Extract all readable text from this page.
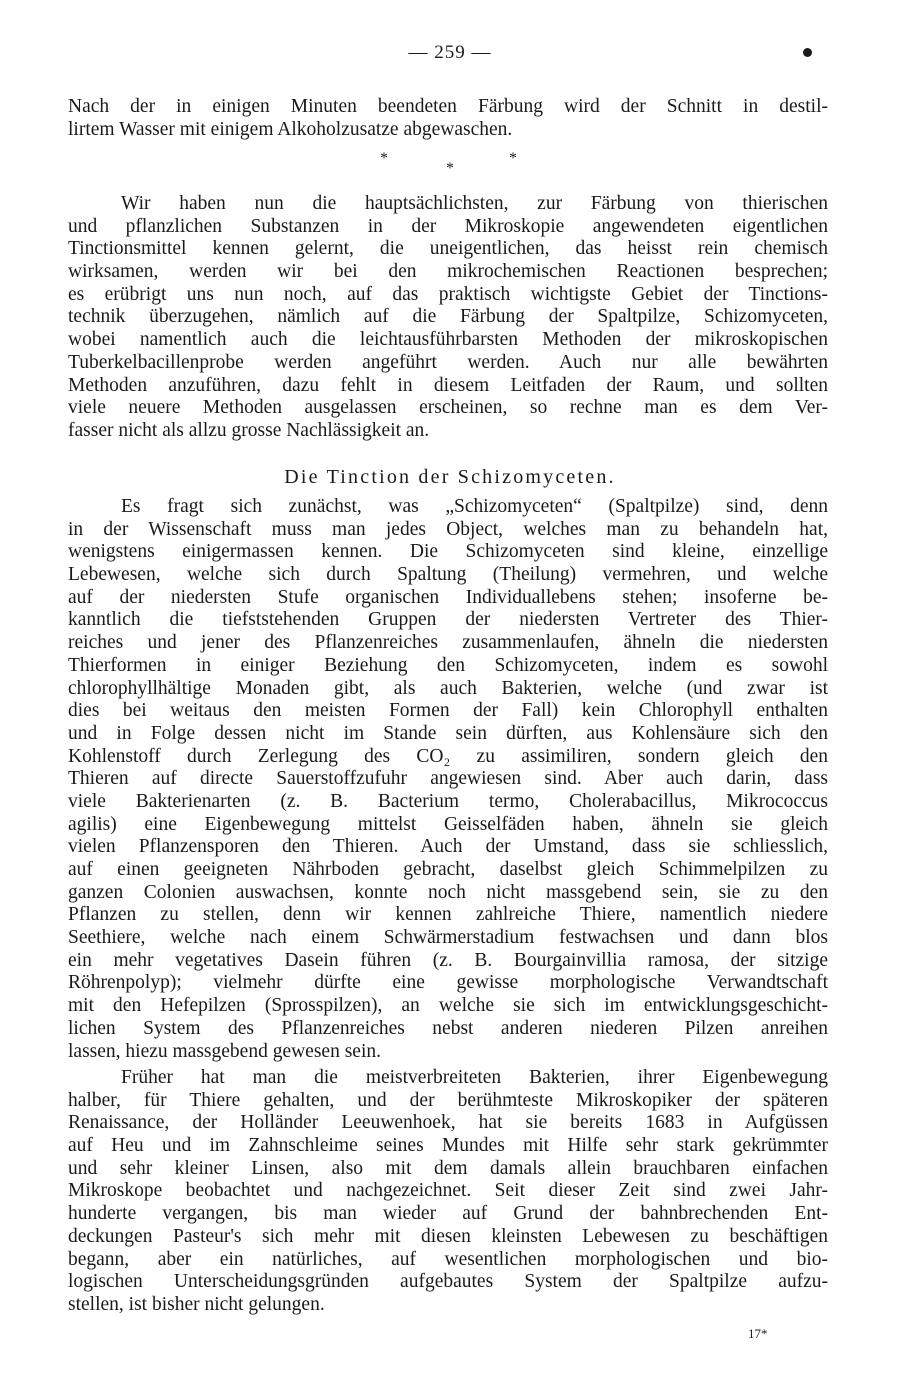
— 259 —
Nach der in einigen Minuten beendeten Färbung wird der Schnitt in destil-
lirtem Wasser mit einigem Alkoholzusatze abgewaschen.
*
*
*
Wir haben nun die hauptsächlichsten, zur Färbung von thierischen
und pflanzlichen Substanzen in der Mikroskopie angewendeten eigentlichen
Tinctionsmittel kennen gelernt, die uneigentlichen, das heisst rein chemisch
wirksamen, werden wir bei den mikrochemischen Reactionen besprechen;
es erübrigt uns nun noch, auf das praktisch wichtigste Gebiet der Tinctions-
technik überzugehen, nämlich auf die Färbung der Spaltpilze, Schizomyceten,
wobei namentlich auch die leichtausführbarsten Methoden der mikroskopischen
Tuberkelbacillenprobe werden angeführt werden. Auch nur alle bewährten
Methoden anzuführen, dazu fehlt in diesem Leitfaden der Raum, und sollten
viele neuere Methoden ausgelassen erscheinen, so rechne man es dem Ver-
fasser nicht als allzu grosse Nachlässigkeit an.
Die Tinction der Schizomyceten.
Es fragt sich zunächst, was „Schizomyceten“ (Spaltpilze) sind, denn
in der Wissenschaft muss man jedes Object, welches man zu behandeln hat,
wenigstens einigermassen kennen. Die Schizomyceten sind kleine, einzellige
Lebewesen, welche sich durch Spaltung (Theilung) vermehren, und welche
auf der niedersten Stufe organischen Individuallebens stehen; insoferne be-
kanntlich die tiefststehenden Gruppen der niedersten Vertreter des Thier-
reiches und jener des Pflanzenreiches zusammenlaufen, ähneln die niedersten
Thierformen in einiger Beziehung den Schizomyceten, indem es sowohl
chlorophyllhältige Monaden gibt, als auch Bakterien, welche (und zwar ist
dies bei weitaus den meisten Formen der Fall) kein Chlorophyll enthalten
und in Folge dessen nicht im Stande sein dürften, aus Kohlensäure sich den
Kohlenstoff durch Zerlegung des CO₂ zu assimiliren, sondern gleich den
Thieren auf directe Sauerstoffzufuhr angewiesen sind. Aber auch darin, dass
viele Bakterienarten (z. B. Bacterium termo, Cholerabacillus, Mikrococcus
agilis) eine Eigenbewegung mittelst Geisselfäden haben, ähneln sie gleich
vielen Pflanzensporen den Thieren. Auch der Umstand, dass sie schliesslich,
auf einen geeigneten Nährboden gebracht, daselbst gleich Schimmelpilzen zu
ganzen Colonien auswachsen, konnte noch nicht massgebend sein, sie zu den
Pflanzen zu stellen, denn wir kennen zahlreiche Thiere, namentlich niedere
Seethiere, welche nach einem Schwärmerstadium festwachsen und dann blos
ein mehr vegetatives Dasein führen (z. B. Bourgainvillia ramosa, der sitzige
Röhrenpolyp); vielmehr dürfte eine gewisse morphologische Verwandtschaft
mit den Hefepilzen (Sprosspilzen), an welche sie sich im entwicklungsgeschicht-
lichen System des Pflanzenreiches nebst anderen niederen Pilzen anreihen
lassen, hiezu massgebend gewesen sein.
Früher hat man die meistverbreiteten Bakterien, ihrer Eigenbewegung
halber, für Thiere gehalten, und der berühmteste Mikroskopiker der späteren
Renaissance, der Holländer Leeuwenhoek, hat sie bereits 1683 in Aufgüssen
auf Heu und im Zahnschleime seines Mundes mit Hilfe sehr stark gekrümmter
und sehr kleiner Linsen, also mit dem damals allein brauchbaren einfachen
Mikroskope beobachtet und nachgezeichnet. Seit dieser Zeit sind zwei Jahr-
hunderte vergangen, bis man wieder auf Grund der bahnbrechenden Ent-
deckungen Pasteur's sich mehr mit diesen kleinsten Lebewesen zu beschäftigen
begann, aber ein natürliches, auf wesentlichen morphologischen und bio-
logischen Unterscheidungsgründen aufgebautes System der Spaltpilze aufzu-
stellen, ist bisher nicht gelungen.
17*
